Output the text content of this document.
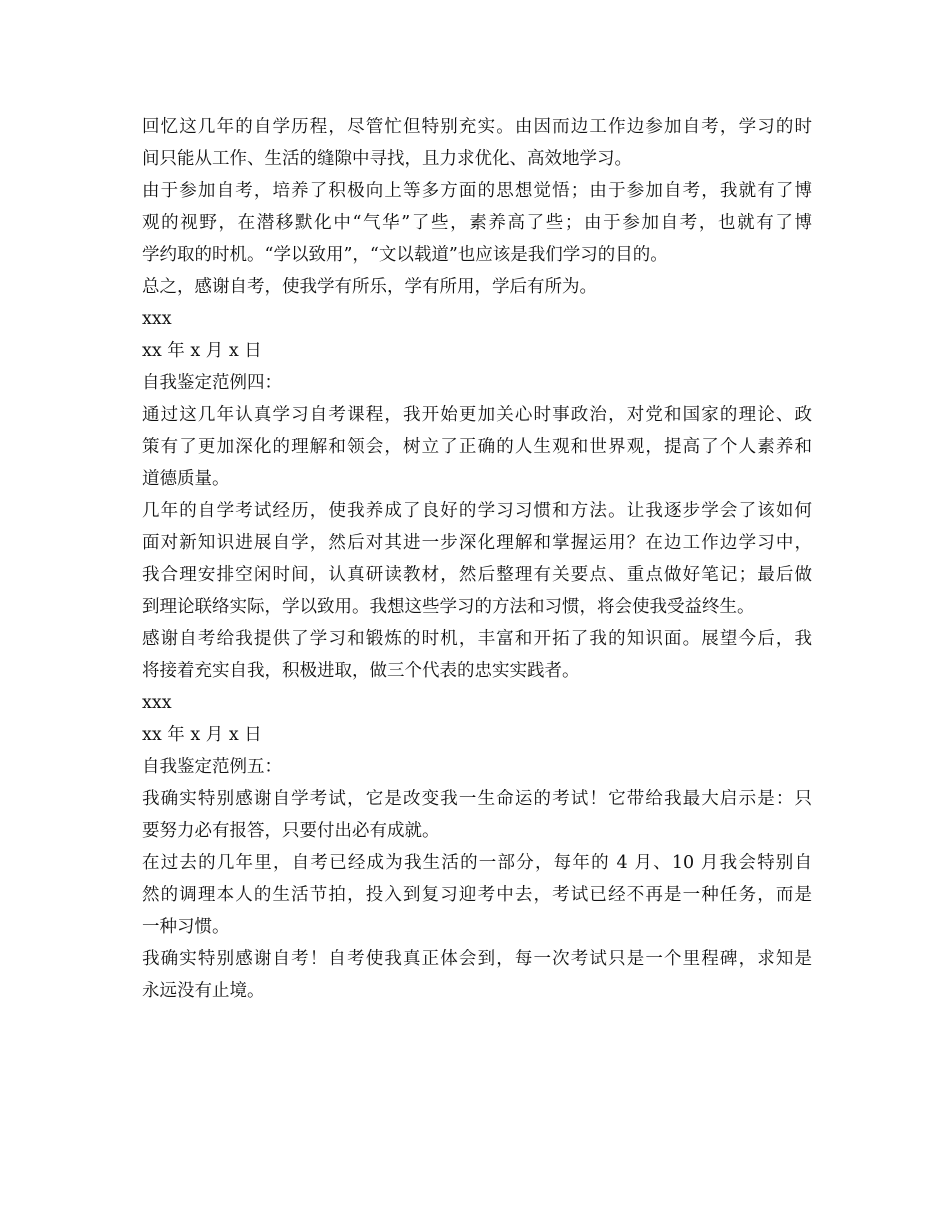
回忆这几年的自学历程，尽管忙但特别充实。由因而边工作边参加自考，学习的时
间只能从工作、生活的缝隙中寻找，且力求优化、高效地学习。
由于参加自考，培养了积极向上等多方面的思想觉悟；由于参加自考，我就有了博
观的视野，在潜移默化中“气华”了些，素养高了些；由于参加自考，也就有了博
学约取的时机。“学以致用”，“文以载道”也应该是我们学习的目的。
总之，感谢自考，使我学有所乐，学有所用，学后有所为。
xxx
xx 年 x 月 x 日
自我鉴定范例四：
通过这几年认真学习自考课程，我开始更加关心时事政治，对党和国家的理论、政
策有了更加深化的理解和领会，树立了正确的人生观和世界观，提高了个人素养和
道德质量。
几年的自学考试经历，使我养成了良好的学习习惯和方法。让我逐步学会了该如何
面对新知识进展自学，然后对其进一步深化理解和掌握运用？在边工作边学习中，
我合理安排空闲时间，认真研读教材，然后整理有关要点、重点做好笔记；最后做
到理论联络实际，学以致用。我想这些学习的方法和习惯，将会使我受益终生。
感谢自考给我提供了学习和锻炼的时机，丰富和开拓了我的知识面。展望今后，我
将接着充实自我，积极进取，做三个代表的忠实实践者。
xxx
xx 年 x 月 x 日
自我鉴定范例五：
我确实特别感谢自学考试，它是改变我一生命运的考试！它带给我最大启示是：只
要努力必有报答，只要付出必有成就。
在过去的几年里，自考已经成为我生活的一部分，每年的 4 月、10 月我会特别自
然的调理本人的生活节拍，投入到复习迎考中去，考试已经不再是一种任务，而是
一种习惯。
我确实特别感谢自考！自考使我真正体会到，每一次考试只是一个里程碑，求知是
永远没有止境。
